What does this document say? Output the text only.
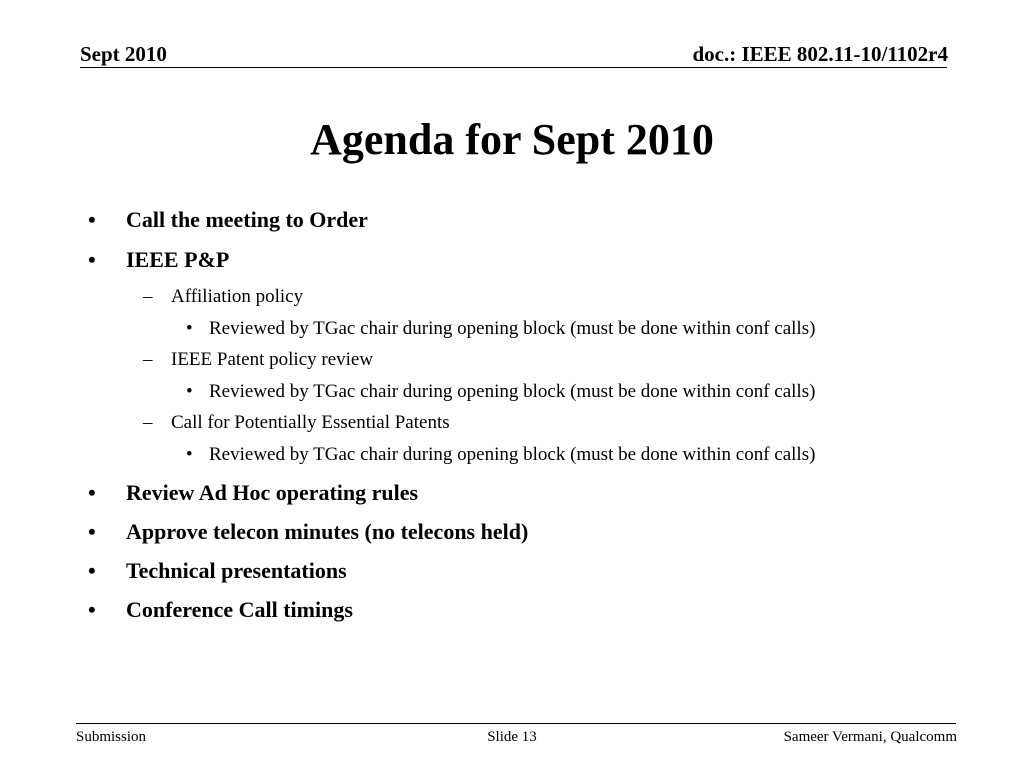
Sept 2010	doc.: IEEE 802.11-10/1102r4
Agenda for Sept 2010
• Call the meeting to Order
• IEEE P&P
– Affiliation policy
• Reviewed by TGac chair during opening block (must be done within conf calls)
– IEEE Patent policy review
• Reviewed by TGac chair during opening block (must be done within conf calls)
– Call for Potentially Essential Patents
• Reviewed by TGac chair during opening block (must be done within conf calls)
• Review Ad Hoc operating rules
• Approve telecon minutes (no telecons held)
• Technical presentations
• Conference Call timings
Submission	Slide 13	Sameer Vermani, Qualcomm
